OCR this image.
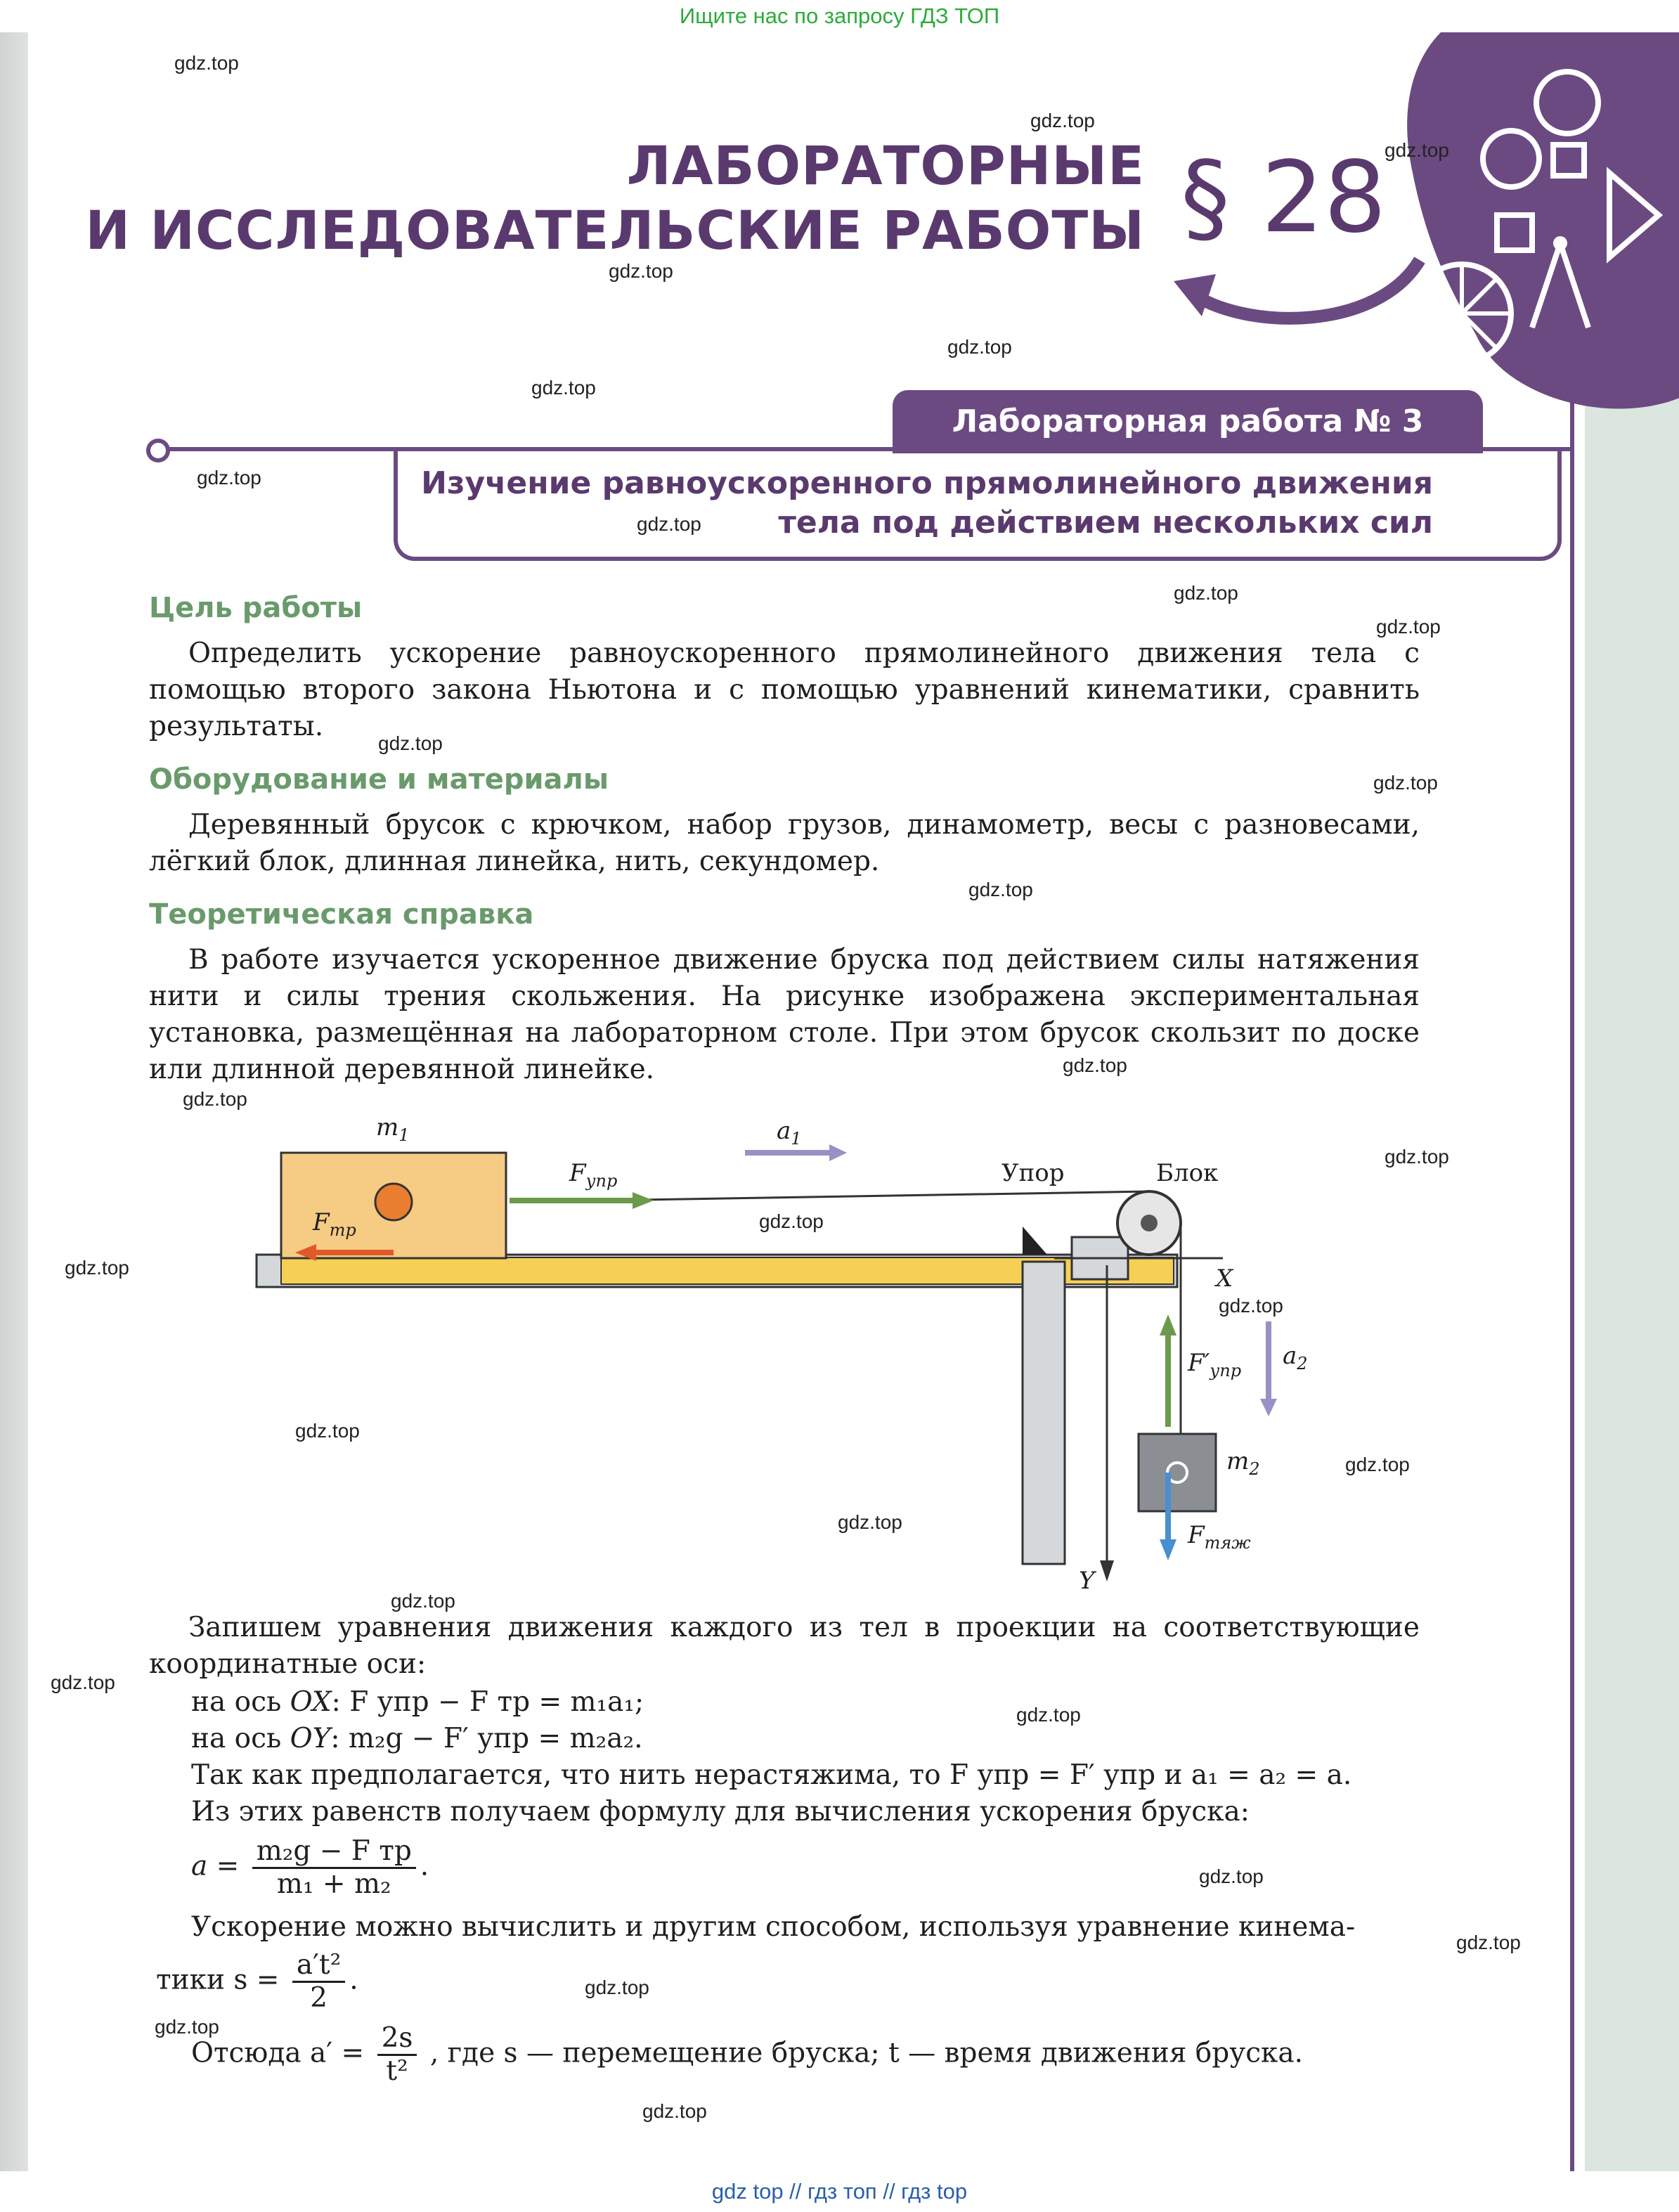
Ищите нас по запросу ГДЗ ТОП
ЛАБОРАТОРНЫЕ
И ИССЛЕДОВАТЕЛЬСКИЕ РАБОТЫ § 28
Лабораторная работа № 3
Изучение равноускоренного прямолинейного движения
тела под действием нескольких сил
Цель работы
Определить ускорение равноускоренного прямолинейного движения тела с помощью второго закона Ньютона и с помощью уравнений кинематики, сравнить результаты.
Оборудование и материалы
Деревянный брусок с крючком, набор грузов, динамометр, весы с разновесами, лёгкий блок, длинная линейка, нить, секундомер.
Теоретическая справка
В работе изучается ускоренное движение бруска под действием силы натяжения нити и силы трения скольжения. На рисунке изображена экспериментальная установка, размещённая на лабораторном столе. При этом брусок скользит по доске или длинной деревянной линейке.
$m_1$
$F_{тр}$
$F_{упр}$
$a_1$
Упор	Блок
X
Y
$F'_{упр}$
$a_2$
$m_2$
$F_{тяж}$
Запишем уравнения движения каждого из тел в проекции на соответствующие координатные оси:
на ось OX: F упр − F тр = m₁a₁;
на ось OY: m₂g − F′ упр = m₂a₂.
Так как предполагается, что нить нерастяжима, то F упр = F′ упр и a₁ = a₂ = a.
Из этих равенств получаем формулу для вычисления ускорения бруска:
$a = \frac{\text{m₂g − F тр}}{\text{m₁ + m₂}}$ .
Ускорение можно вычислить и другим способом, используя уравнение кинема-
тики $s = \frac{\text{a′t²}}{2}$ .
Отсюда $a' = \frac{2s}{\text{t²}}$ , где s — перемещение бруска; t — время движения бруска.
gdz.top
gdz.top
gdz.top
gdz.top
gdz.top
gdz.top
gdz.top
gdz.top
gdz.top
gdz.top
gdz.top
gdz.top
gdz.top
gdz.top
gdz.top
gdz.top
gdz.top
gdz.top
gdz.top
gdz.top
gdz.top
gdz.top
gdz.top
gdz.top
gdz.top
gdz.top
gdz.top
gdz.top
gdz.top
gdz.top
gdz top // гдз топ // гдз top
